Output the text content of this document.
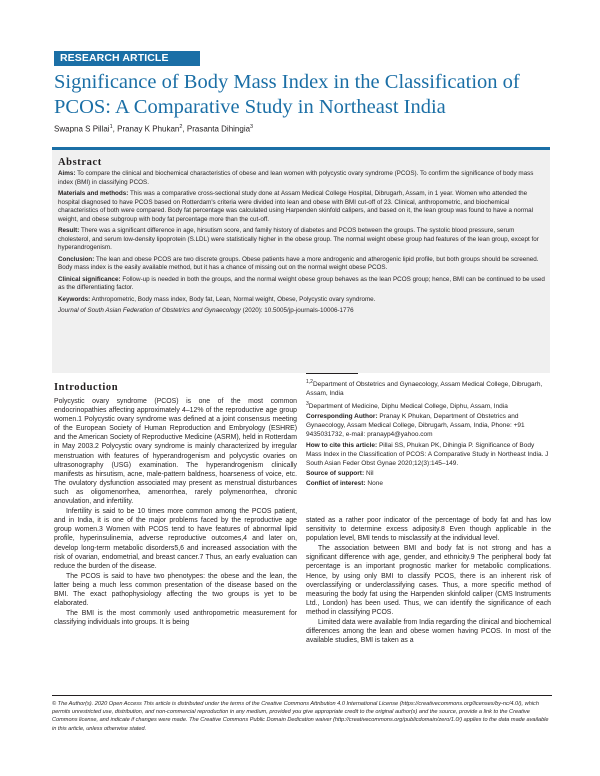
RESEARCH ARTICLE
Significance of Body Mass Index in the Classification of PCOS: A Comparative Study in Northeast India
Swapna S Pillai$^1$, Pranay K Phukan$^2$, Prasanta Dihingia$^3$
Abstract

Aims: To compare the clinical and biochemical characteristics of obese and lean women with polycystic ovary syndrome (PCOS). To confirm the significance of body mass index (BMI) in classifying PCOS.

Materials and methods: This was a comparative cross-sectional study done at Assam Medical College Hospital, Dibrugarh, Assam, in 1 year. Women who attended the hospital diagnosed to have PCOS based on Rotterdam's criteria were divided into lean and obese with BMI cut-off of 23. Clinical, anthropometric, and biochemical characteristics of both were compared. Body fat percentage was calculated using Harpenden skinfold calipers, and based on it, the lean group was found to have a normal weight, and obese subgroup with body fat percentage more than the cut-off.

Result: There was a significant difference in age, hirsutism score, and family history of diabetes and PCOS between the groups. The systolic blood pressure, serum cholesterol, and serum low-density lipoprotein (S.LDL) were statistically higher in the obese group. The normal weight obese group had features of the lean group, except for hyperandrogenism.

Conclusion: The lean and obese PCOS are two discrete groups. Obese patients have a more androgenic and atherogenic lipid profile, but both groups should be screened. Body mass index is the easily available method, but it has a chance of missing out on the normal weight obese PCOS.

Clinical significance: Follow-up is needed in both the groups, and the normal weight obese group behaves as the lean PCOS group; hence, BMI can be continued to be used as the differentiating factor.

Keywords: Anthropometric, Body mass index, Body fat, Lean, Normal weight, Obese, Polycystic ovary syndrome.

Journal of South Asian Federation of Obstetrics and Gynaecology (2020): 10.5005/jp-journals-10006-1776

Introduction

Polycystic ovary syndrome (PCOS) is one of the most common endocrinopathies affecting approximately 4–12% of the reproductive age group women.1 Polycystic ovary syndrome was defined at a joint consensus meeting of the European Society of Human Reproduction and Embryology (ESHRE) and the American Society of Reproductive Medicine (ASRM), held in Rotterdam in May 2003.2 Polycystic ovary syndrome is mainly characterized by irregular menstruation with features of hyperandrogenism and polycystic ovaries on ultrasonography (USG) examination. The hyperandrogenism clinically manifests as hirsutism, acne, male-pattern baldness, hoarseness of voice, etc. The ovulatory dysfunction associated may present as menstrual disturbances such as oligomenorrhea, amenorrhea, rarely polymenorrhea, chronic anovulation, and infertility.

Infertility is said to be 10 times more common among the PCOS patient, and in India, it is one of the major problems faced by the reproductive age group women.3 Women with PCOS tend to have features of abnormal lipid profile, hyperinsulinemia, adverse reproductive outcomes,4 and later on, develop long-term metabolic disorders5,6 and increased association with the risk of ovarian, endometrial, and breast cancer.7 Thus, an early evaluation can reduce the burden of the disease.

The PCOS is said to have two phenotypes: the obese and the lean, the latter being a much less common presentation of the disease based on the BMI. The exact pathophysiology affecting the two groups is yet to be elaborated.

The BMI is the most commonly used anthropometric measurement for classifying individuals into groups. It is being

$^{1,2}$Department of Obstetrics and Gynaecology, Assam Medical College, Dibrugarh, Assam, India

$^3$Department of Medicine, Diphu Medical College, Diphu, Assam, India

Corresponding Author: Pranay K Phukan, Department of Obstetrics and Gynaecology, Assam Medical College, Dibrugarh, Assam, India, Phone: +91 9435031732, e-mail: pranayp4@yahoo.com

How to cite this article: Pillai SS, Phukan PK, Dihingia P. Significance of Body Mass Index in the Classification of PCOS: A Comparative Study in Northeast India. J South Asian Feder Obst Gynae 2020;12(3):145–149.

Source of support: Nil

Conflict of interest: None

stated as a rather poor indicator of the percentage of body fat and has low sensitivity to determine excess adiposity.8 Even though applicable in the population level, BMI tends to misclassify at the individual level.

The association between BMI and body fat is not strong and has a significant difference with age, gender, and ethnicity.9 The peripheral body fat percentage is an important prognostic marker for metabolic complications. Hence, by using only BMI to classify PCOS, there is an inherent risk of overclassifying or underclassifying cases. Thus, a more specific method of measuring the body fat using the Harpenden skinfold caliper (CMS Instruments Ltd., London) has been used. Thus, we can identify the significance of each method in classifying PCOS.

Limited data were available from India regarding the clinical and biochemical differences among the lean and obese women having PCOS. In most of the available studies, BMI is taken as a

© The Author(s). 2020 Open Access This article is distributed under the terms of the Creative Commons Attribution 4.0 International License (https://creativecommons.org/licenses/by-nc/4.0/), which permits unrestricted use, distribution, and non-commercial reproduction in any medium, provided you give appropriate credit to the original author(s) and the source, provide a link to the Creative Commons license, and indicate if changes were made. The Creative Commons Public Domain Dedication waiver (http://creativecommons.org/publicdomain/zero/1.0/) applies to the data made available in this article, unless otherwise stated.
